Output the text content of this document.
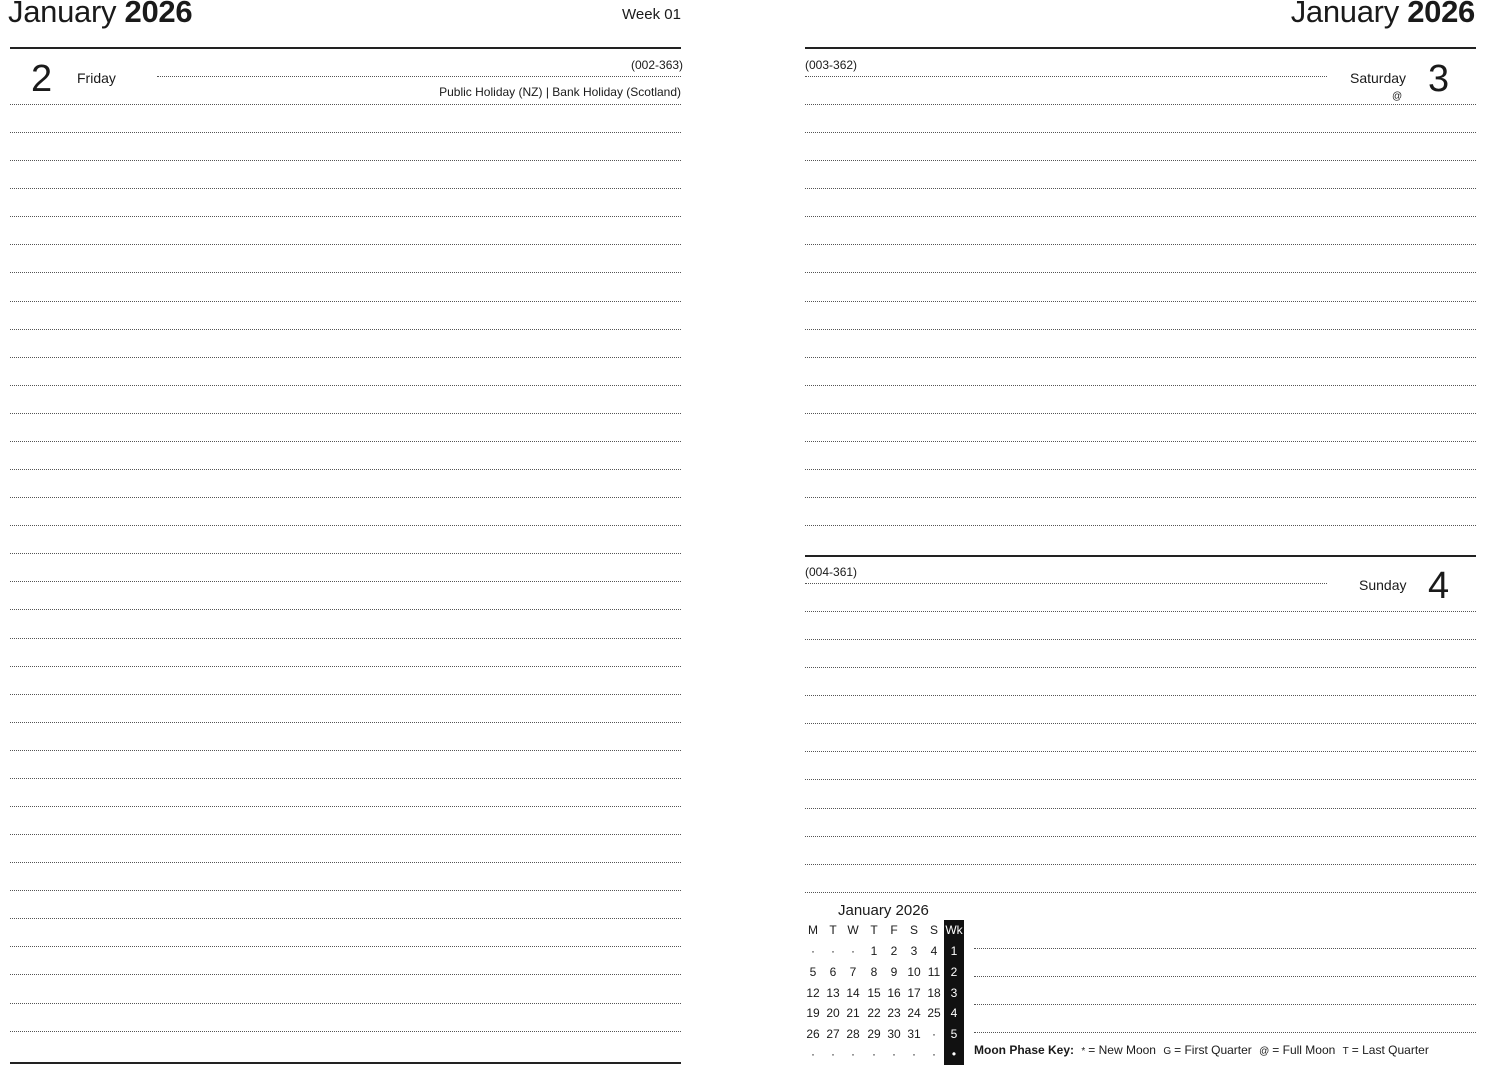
January 2026	Week 01
2 Friday
(002-363)
Public Holiday (NZ) | Bank Holiday (Scotland)
January 2026
(003-362)
Saturday 3
@
(004-361)
Sunday 4
January 2026
M T W T	F	S S Wk
·	·	·	1	2	3	4	1
5	6	7	8	9 10 11 2
12 13 14 15 16 17 18 3
19 20 21 22 23 24 25 4
26 27 28 29 30 31 ·	5
·	·	·	·	·	·	·	•	Moon Phase Key: * = New Moon G = First Quarter @ = Full Moon T = Last Quarter
